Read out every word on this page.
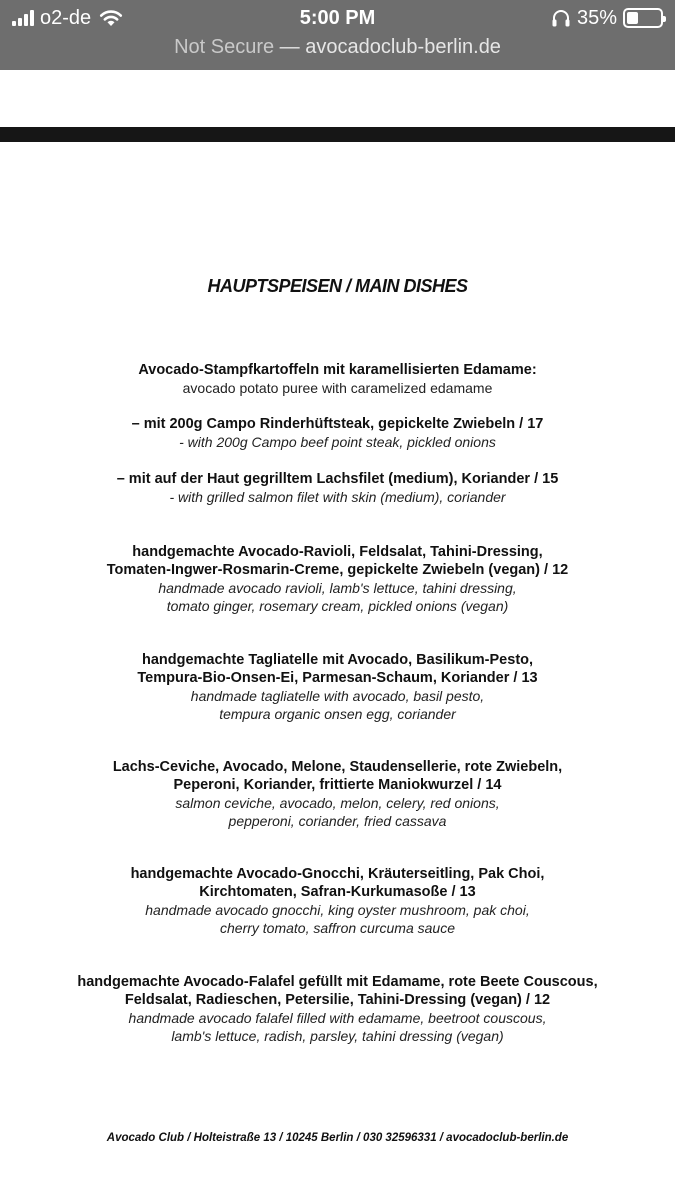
o2-de	5:00 PM	35%
Not Secure — avocadoclub-berlin.de
HAUPTSPEISEN / MAIN DISHES
Avocado-Stampfkartoffeln mit karamellisierten Edamame:
avocado potato puree with caramelized edamame
– mit 200g Campo Rinderhüftsteak, gepickelte Zwiebeln / 17
- with 200g Campo beef point steak, pickled onions
– mit auf der Haut gegrilltem Lachsfilet (medium), Koriander / 15
- with grilled salmon filet with skin (medium), coriander
handgemachte Avocado-Ravioli, Feldsalat, Tahini-Dressing,
Tomaten-Ingwer-Rosmarin-Creme, gepickelte Zwiebeln (vegan) / 12
handmade avocado ravioli, lamb's lettuce, tahini dressing,
tomato ginger, rosemary cream, pickled onions (vegan)
handgemachte Tagliatelle mit Avocado, Basilikum-Pesto,
Tempura-Bio-Onsen-Ei, Parmesan-Schaum, Koriander / 13
handmade tagliatelle with avocado, basil pesto,
tempura organic onsen egg, coriander
Lachs-Ceviche, Avocado, Melone, Staudensellerie, rote Zwiebeln,
Peperoni, Koriander, frittierte Maniokwurzel / 14
salmon ceviche, avocado, melon, celery, red onions,
pepperoni, coriander, fried cassava
handgemachte Avocado-Gnocchi, Kräuterseitling, Pak Choi,
Kirchtomaten, Safran-Kurkumasoße / 13
handmade avocado gnocchi, king oyster mushroom, pak choi,
cherry tomato, saffron curcuma sauce
handgemachte Avocado-Falafel gefüllt mit Edamame, rote Beete Couscous,
Feldsalat, Radieschen, Petersilie, Tahini-Dressing (vegan) / 12
handmade avocado falafel filled with edamame, beetroot couscous,
lamb's lettuce, radish, parsley, tahini dressing (vegan)
Avocado Club / Holteistraße 13 / 10245 Berlin / 030 32596331 / avocadoclub-berlin.de
